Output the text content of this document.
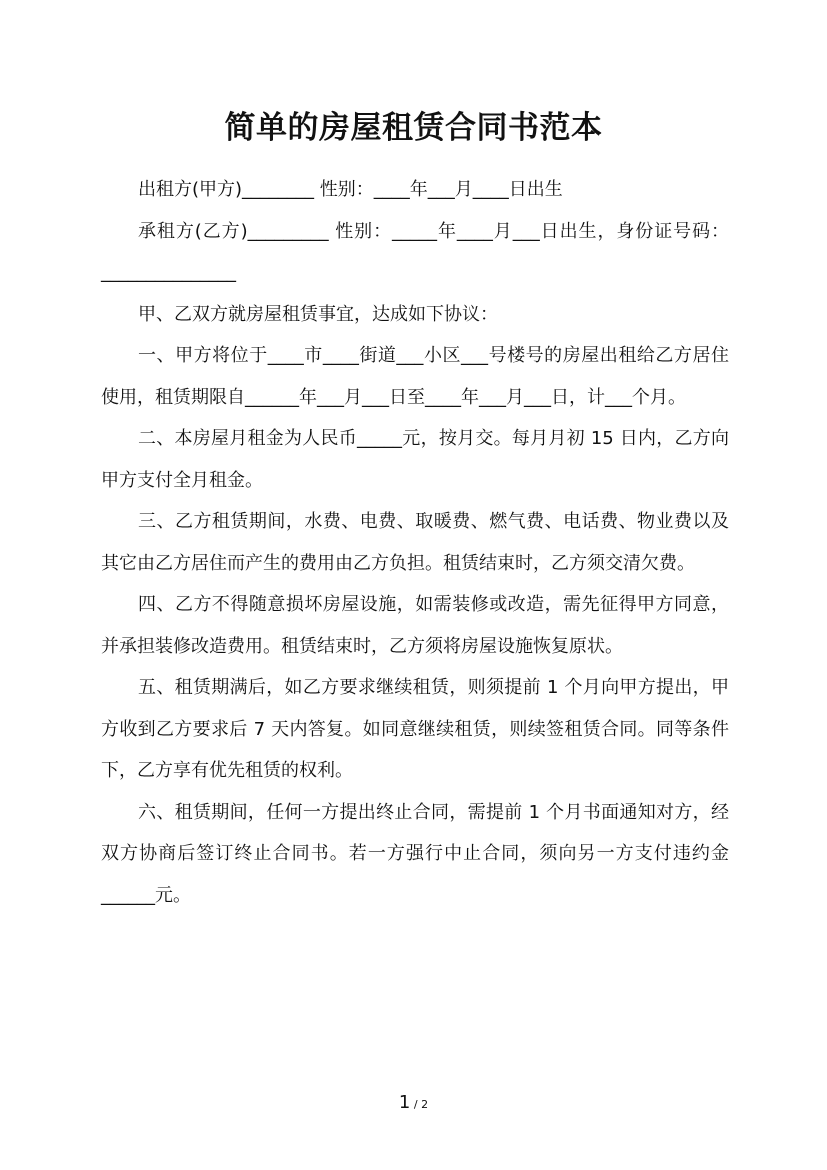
简单的房屋租赁合同书范本

出租方(甲方)________ 性别：____年___月____日出生

承租方(乙方)_________ 性别：_____年____月___日出生，身份证号码：_______________

甲、乙双方就房屋租赁事宜，达成如下协议：

一、甲方将位于____市____街道___小区___号楼号的房屋出租给乙方居住使用，租赁期限自______年___月___日至____年___月___日，计___个月。

二、本房屋月租金为人民币_____元，按月交。每月月初 15 日内，乙方向甲方支付全月租金。

三、乙方租赁期间，水费、电费、取暖费、燃气费、电话费、物业费以及其它由乙方居住而产生的费用由乙方负担。租赁结束时，乙方须交清欠费。

四、乙方不得随意损坏房屋设施，如需装修或改造，需先征得甲方同意，并承担装修改造费用。租赁结束时，乙方须将房屋设施恢复原状。

五、租赁期满后，如乙方要求继续租赁，则须提前 1 个月向甲方提出，甲方收到乙方要求后 7 天内答复。如同意继续租赁，则续签租赁合同。同等条件下，乙方享有优先租赁的权利。

六、租赁期间，任何一方提出终止合同，需提前 1 个月书面通知对方，经双方协商后签订终止合同书。若一方强行中止合同，须向另一方支付违约金______元。

1 / 2
